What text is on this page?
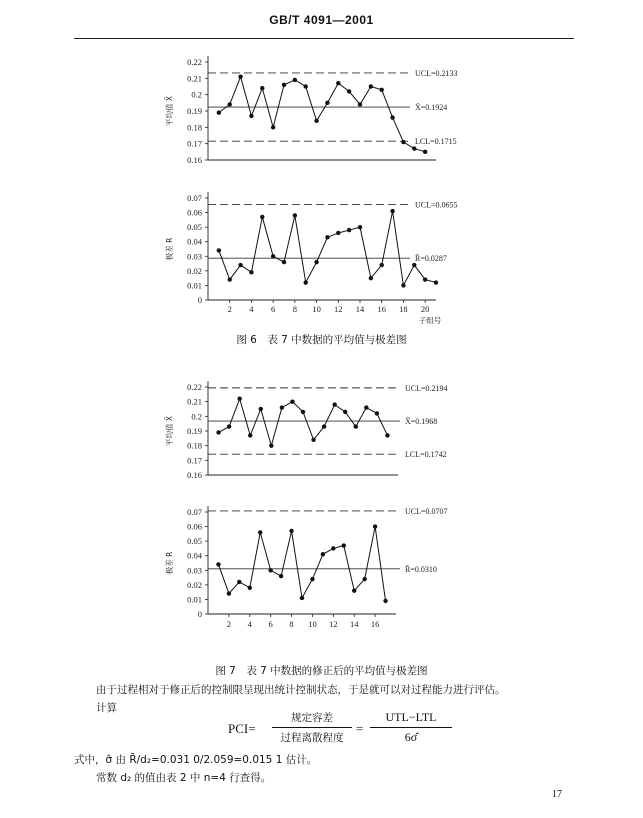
GB/T 4091—2001
0.16
0.17
0.18
0.19
0.2
0.21
0.22
平均值 X̄
UCL=0.2133
X̄=0.1924
LCL=0.1715
0
0.01
0.02
0.03
0.04
0.05
0.06
0.07
极差 R
2 4 6 8 10 12 14 16 18 20
子组号
UCL=0.0655
R̄=0.0287
图 6　表 7 中数据的平均值与极差图
0.16
0.17
0.18
0.19
0.2
0.21
0.22
平均值 X̄
UCL=0.2194
X̄=0.1968
LCL=0.1742
0
0.01
0.02
0.03
0.04
0.05
0.06
0.07
极差 R
2 4 6 8 10 12 14 16
UCL=0.0707
R̄=0.0310
图 7　表 7 中数据的修正后的平均值与极差图
由于过程相对于修正后的控制限呈现出统计控制状态，于是就可以对过程能力进行评估。
计算
PCI=
规定容差
过程离散程度
=
UTL−LTL
6σ̂
式中，σ̂ 由 R̄/d₂=0.031 0/2.059=0.015 1 估计。
常数 d₂ 的值由表 2 中 n=4 行查得。
17
